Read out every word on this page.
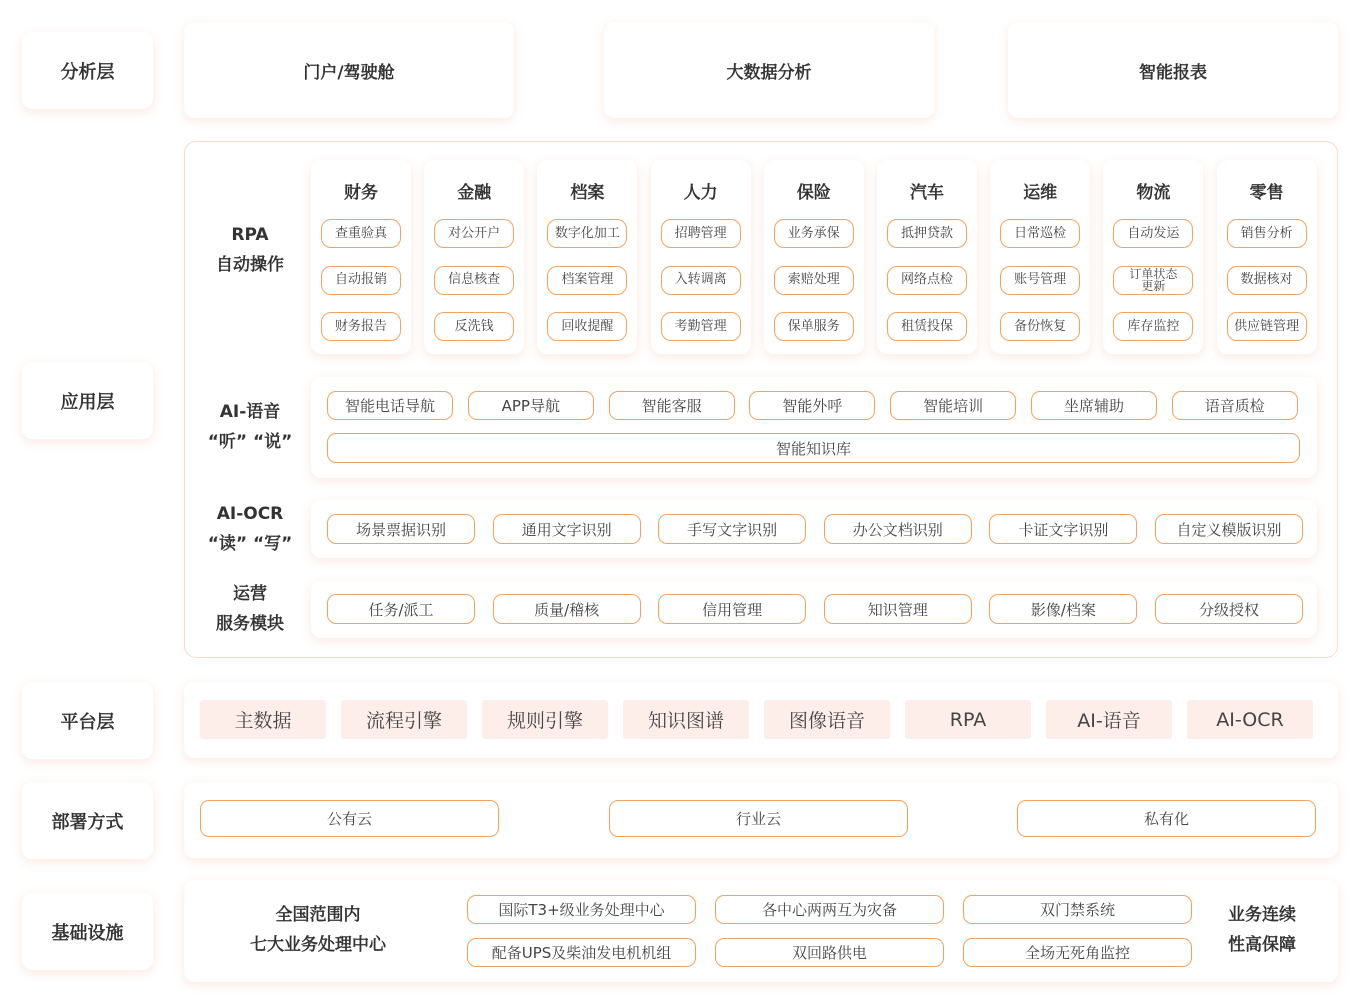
分析层
应用层
平台层
部署方式
基础设施
门户/驾驶舱	大数据分析	智能报表
RPA
自动操作
AI-语音
“听” “说”
AI-OCR
“读” “写”
运营
服务模块
财务
查重验真
自动报销
财务报告
金融
对公开户
信息核查
反洗钱
档案
数字化加工
档案管理
回收提醒
人力
招聘管理
入转调离
考勤管理
保险
业务承保
索赔处理
保单服务
汽车
抵押贷款
网络点检
租赁投保
运维
日常巡检
账号管理
备份恢复
物流
自动发运
订单状态更新
库存监控
零售
销售分析
数据核对
供应链管理
智能电话导航	APP导航	智能客服	智能外呼	智能培训	坐席辅助	语音质检
智能知识库
场景票据识别	通用文字识别	手写文字识别	办公文档识别	卡证文字识别	自定义模版识别
任务/派工	质量/稽核	信用管理	知识管理	影像/档案	分级授权
主数据	流程引擎	规则引擎	知识图谱	图像语音	RPA	AI-语音	AI-OCR
公有云	行业云	私有化
全国范围内
七大业务处理中心
业务连续
性高保障
国际T3+级业务处理中心
配备UPS及柴油发电机机组
各中心两两互为灾备
双回路供电
双门禁系统
全场无死角监控
